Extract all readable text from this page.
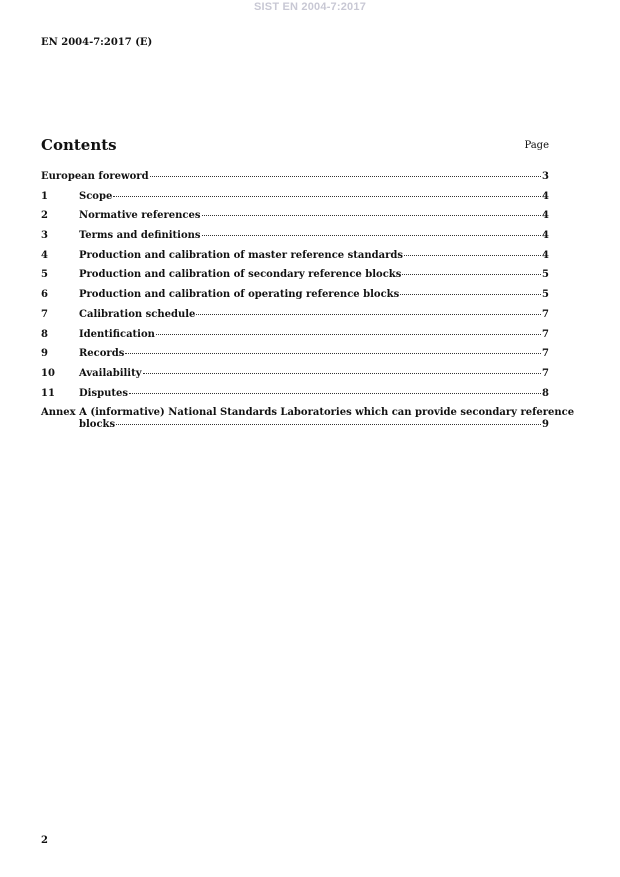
SIST EN 2004-7:2017
EN 2004-7:2017 (E)
Contents	Page
European foreword	3
1	Scope	4
2	Normative references	4
3	Terms and definitions	4
4	Production and calibration of master reference standards	4
5	Production and calibration of secondary reference blocks	5
6	Production and calibration of operating reference blocks	5
7	Calibration schedule	7
8	Identification	7
9	Records	7
10	Availability	7
11	Disputes	8
Annex A (informative) National Standards Laboratories which can provide secondary reference
blocks	9
2
